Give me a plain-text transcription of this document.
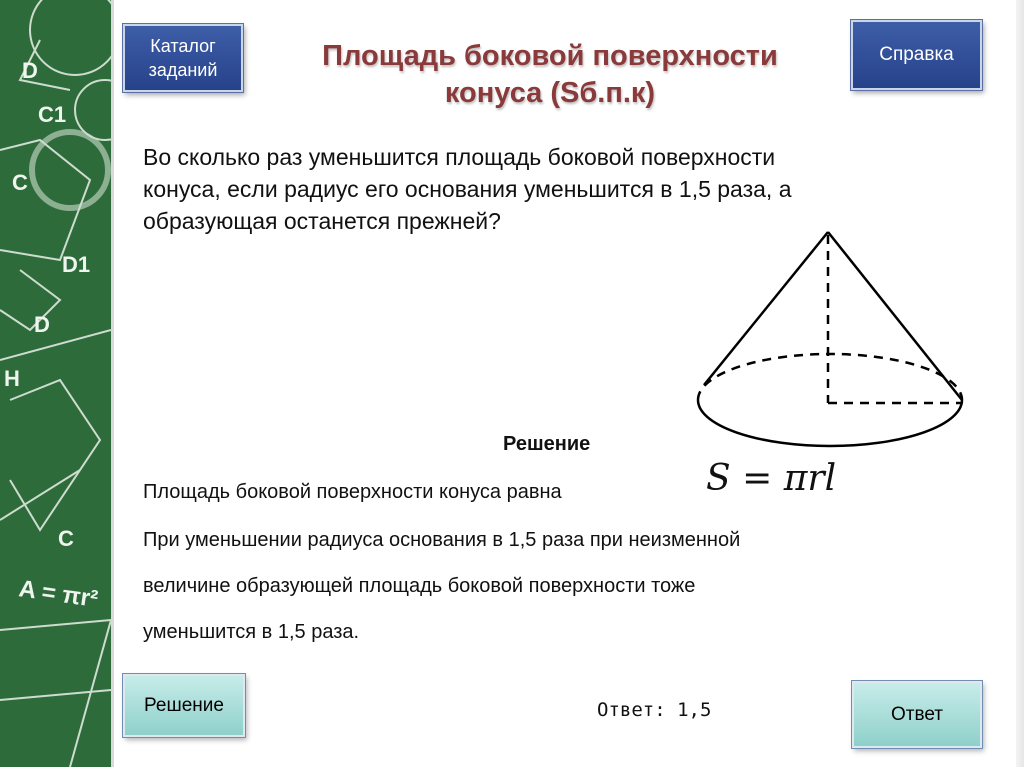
D
C1
C
D1
D
H
C
A = πr²
Каталог
заданий
Справка
Площадь боковой поверхности
конуса (Sб.п.к)
Во сколько раз уменьшится площадь боковой поверхности
конуса, если радиус его основания уменьшится в 1,5 раза, а
образующая останется прежней?
Решение
Площадь боковой поверхности конуса равна	S = πrl
При уменьшении радиуса основания в 1,5 раза при неизменной
величине образующей площадь боковой поверхности тоже
уменьшится в 1,5 раза.
Ответ: 1,5
Решение	Ответ
